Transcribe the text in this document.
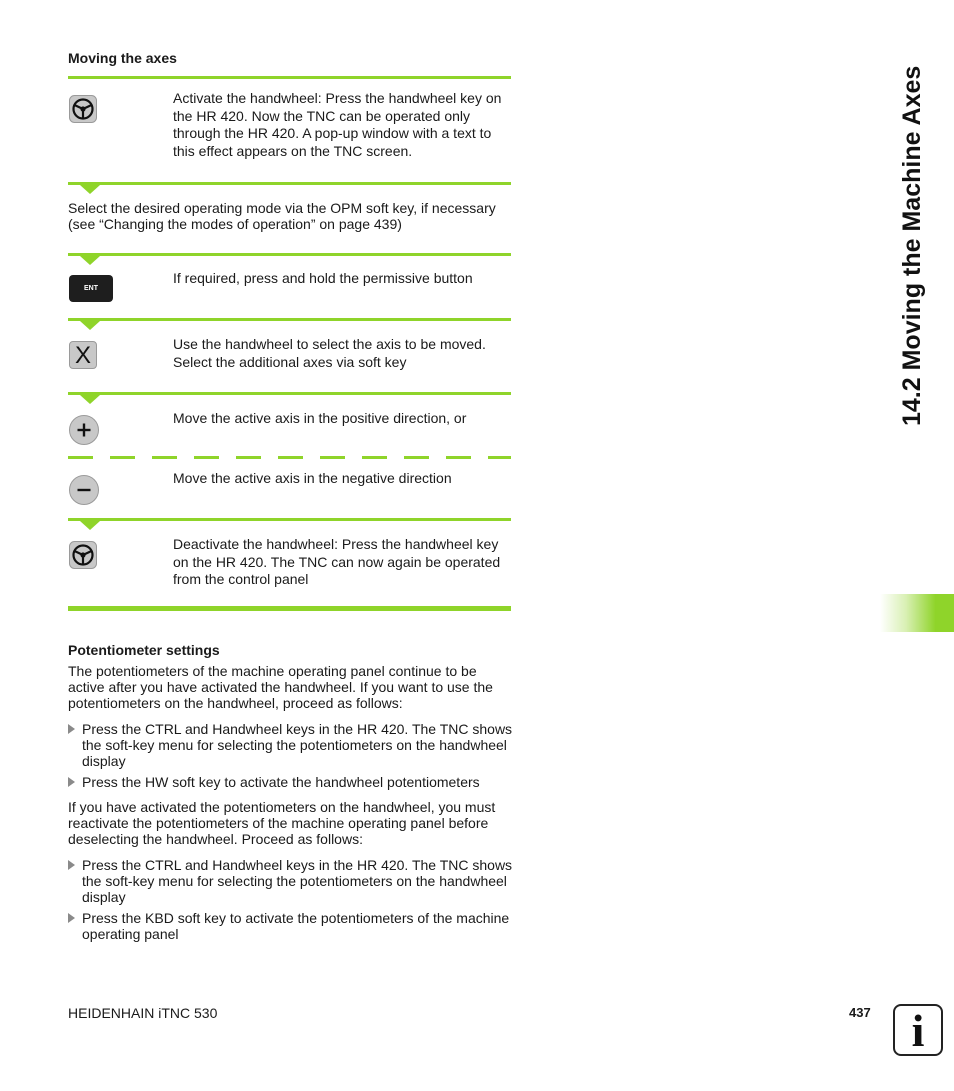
Moving the axes
Activate the handwheel: Press the handwheel key on the HR 420. Now the TNC can be operated only through the HR 420. A pop-up window with a text to this effect appears on the TNC screen.
Select the desired operating mode via the OPM soft key, if necessary (see “Changing the modes of operation” on page 439)
ENT
If required, press and hold the permissive button
X	Use the handwheel to select the axis to be moved. Select the additional axes via soft key
Move the active axis in the positive direction, or
Move the active axis in the negative direction
Deactivate the handwheel: Press the handwheel key on the HR 420. The TNC can now again be operated from the control panel
Potentiometer settings
The potentiometers of the machine operating panel continue to be active after you have activated the handwheel. If you want to use the potentiometers on the handwheel, proceed as follows:
Press the CTRL and Handwheel keys in the HR 420. The TNC shows the soft-key menu for selecting the potentiometers on the handwheel display
Press the HW soft key to activate the handwheel potentiometers
If you have activated the potentiometers on the handwheel, you must reactivate the potentiometers of the machine operating panel before deselecting the handwheel. Proceed as follows:
Press the CTRL and Handwheel keys in the HR 420. The TNC shows the soft-key menu for selecting the potentiometers on the handwheel display
Press the KBD soft key to activate the potentiometers of the machine operating panel
14.2 Moving the Machine Axes
HEIDENHAIN iTNC 530	437 i
